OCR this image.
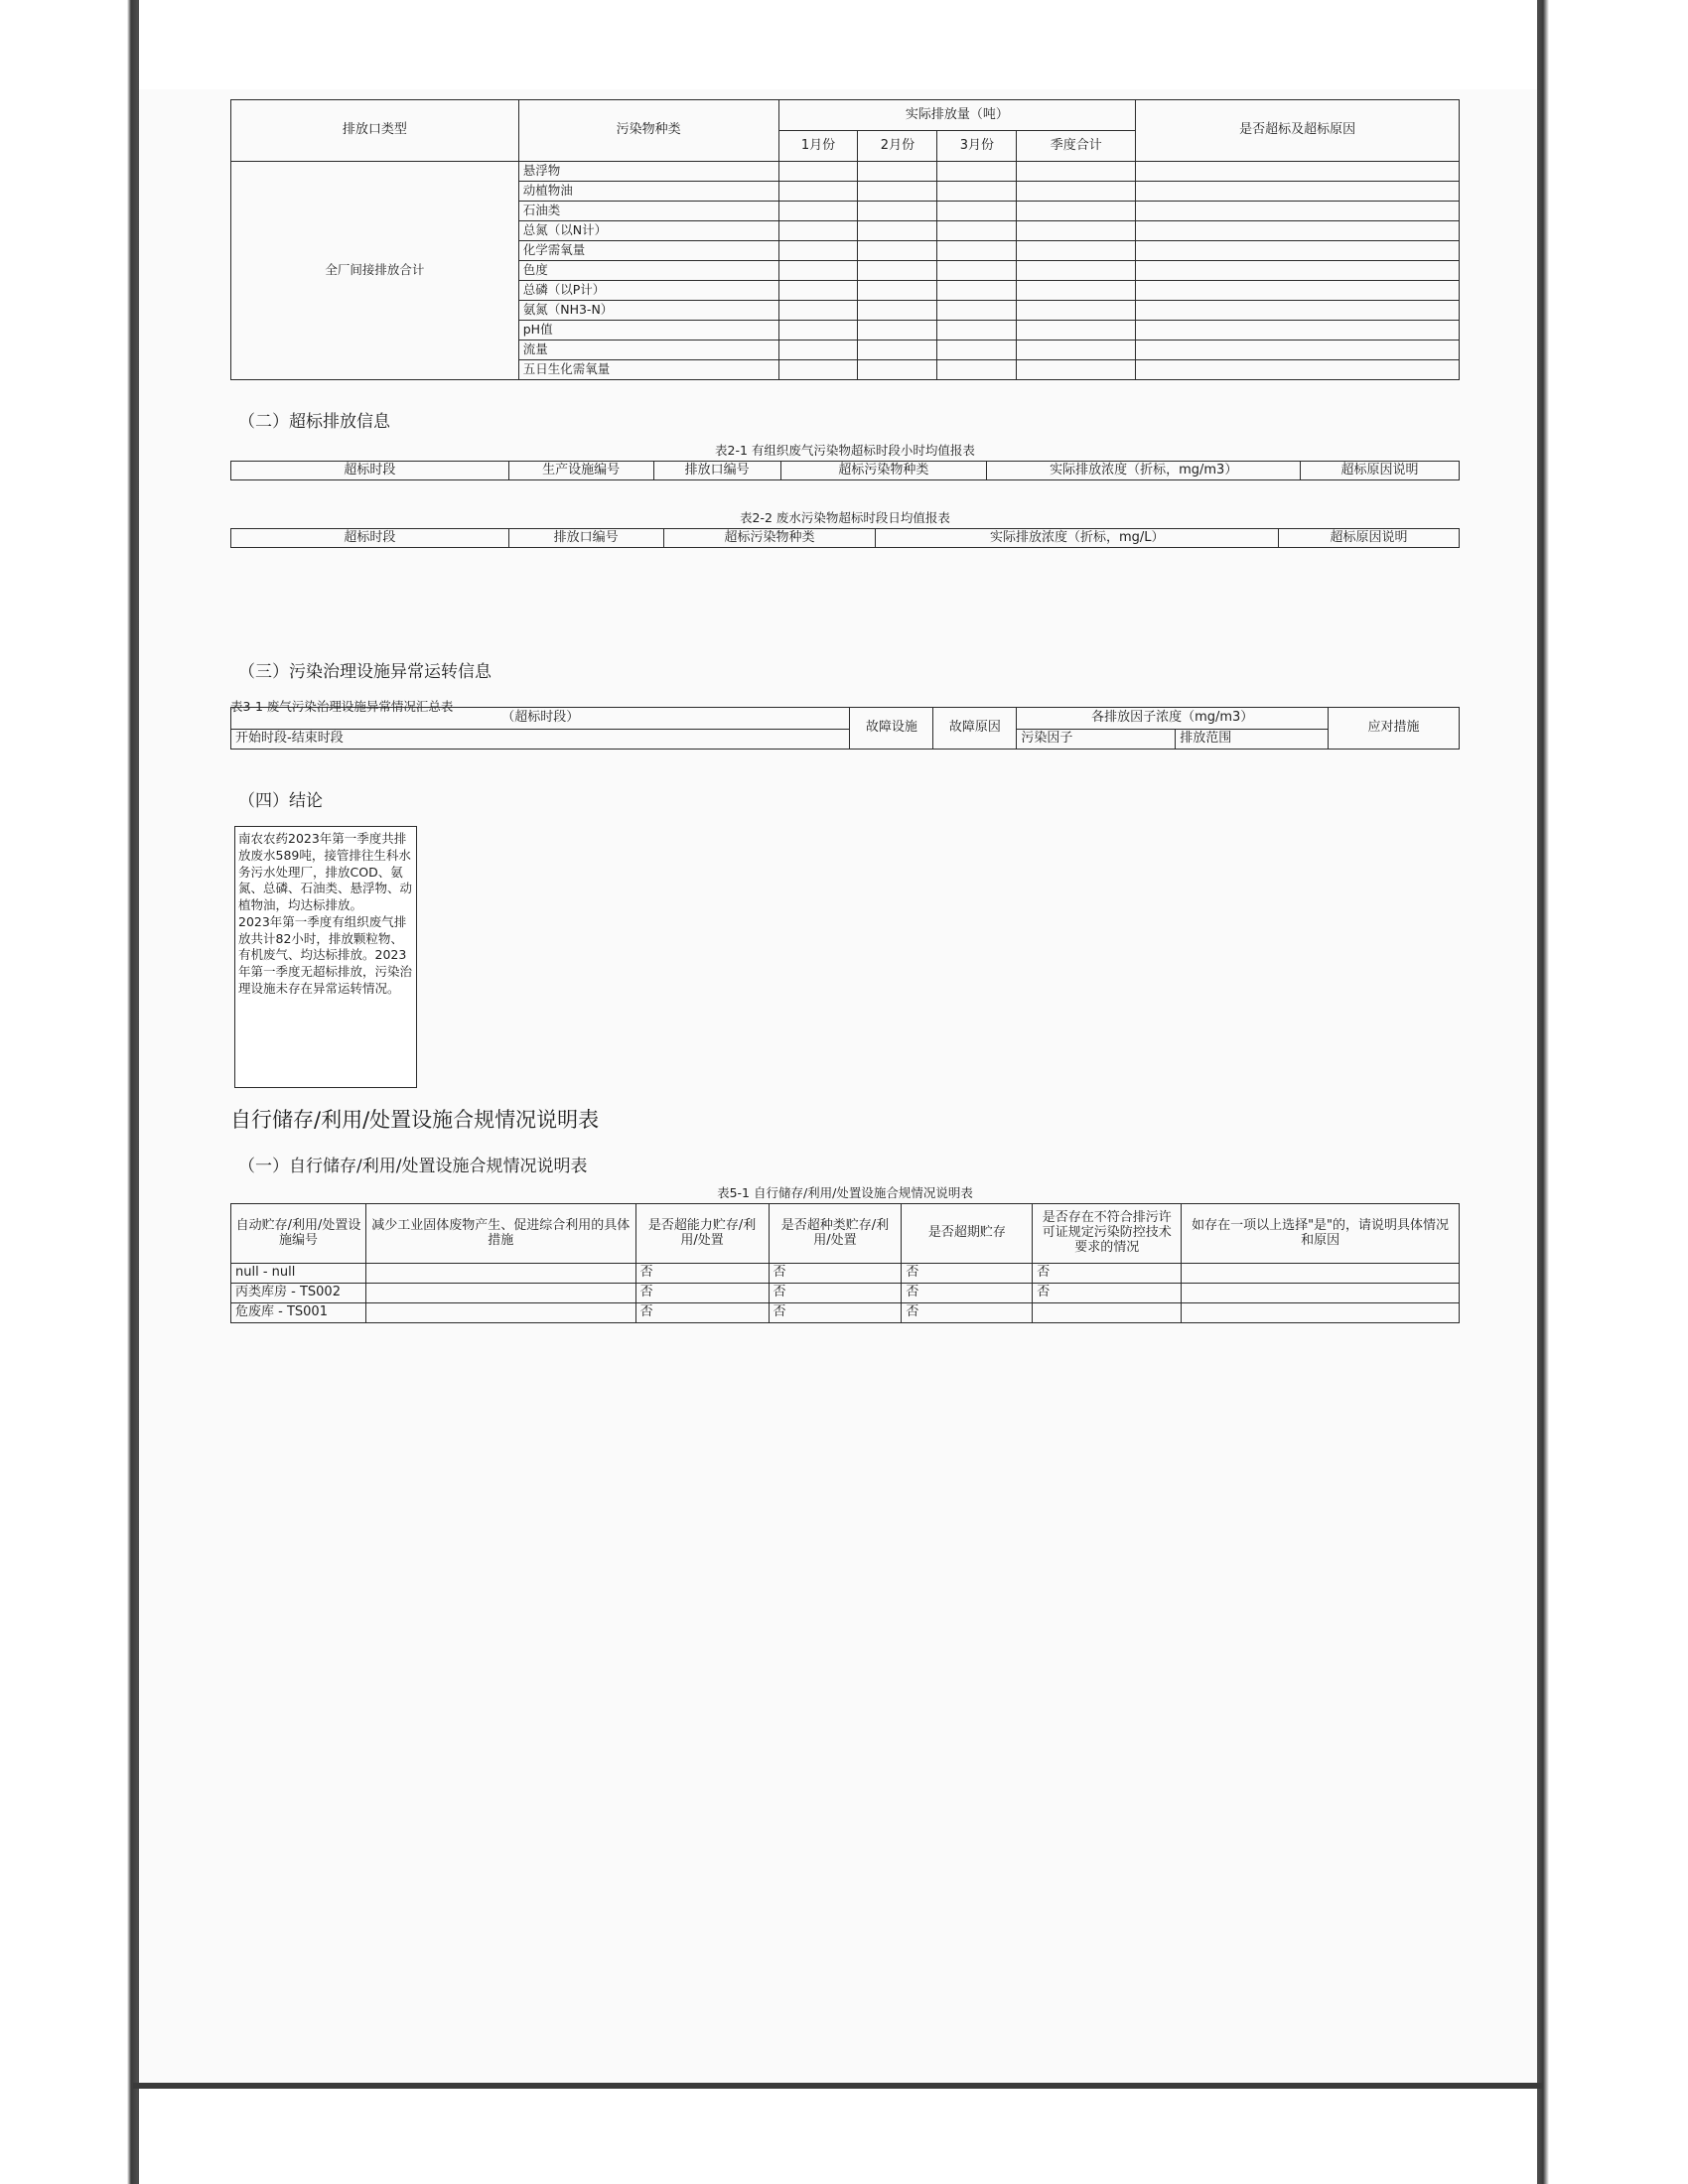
排放口类型	污染物种类	实际排放量（吨）				是否超标及超标原因
		1月份	2月份	3月份	季度合计	
全厂间接排放合计	悬浮物					
	动植物油					
	石油类					
	总氮（以N计）					
	化学需氧量					
	色度					
	总磷（以P计）					
	氨氮（NH3-N）					
	pH值					
	流量					
	五日生化需氧量					
（二）超标排放信息
表2-1 有组织废气污染物超标时段小时均值报表
超标时段	生产设施编号	排放口编号	超标污染物种类	实际排放浓度（折标，mg/m3）	超标原因说明
表2-2 废水污染物超标时段日均值报表
超标时段	排放口编号	超标污染物种类	实际排放浓度（折标，mg/L）	超标原因说明
（三）污染治理设施异常运转信息
表3-1 废气污染治理设施异常情况汇总表
（超标时段）	故障设施	故障原因	各排放因子浓度（mg/m3）		应对措施
开始时段-结束时段			污染因子	排放范围	
（四）结论
南农农药2023年第一季度共排放废水589吨，接管排往生科水务污水处理厂，排放COD、氨氮、总磷、石油类、悬浮物、动植物油，均达标排放。
2023年第一季度有组织废气排放共计82小时，排放颗粒物、有机废气、均达标排放。2023年第一季度无超标排放，污染治理设施未存在异常运转情况。
自行储存/利用/处置设施合规情况说明表
（一）自行储存/利用/处置设施合规情况说明表
表5-1 自行储存/利用/处置设施合规情况说明表
自动贮存/利用/处置设施编号	减少工业固体废物产生、促进综合利用的具体措施	是否超能力贮存/利用/处置	是否超种类贮存/利用/处置	是否超期贮存	是否存在不符合排污许可证规定污染防控技术要求的情况	如存在一项以上选择"是"的，请说明具体情况和原因
null - null		否	否	否	否	
丙类库房 - TS002		否	否	否	否	
危废库 - TS001		否	否	否		
